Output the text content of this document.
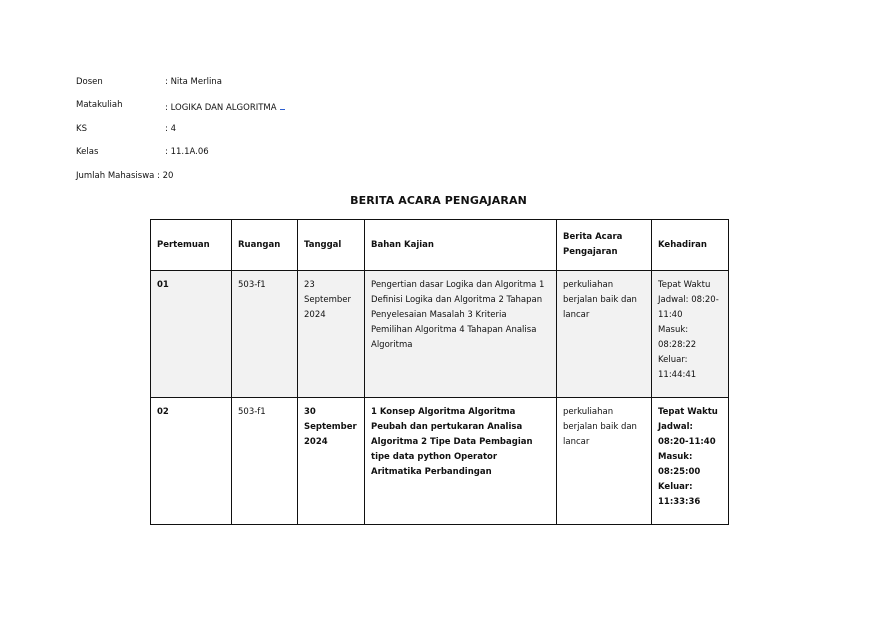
Dosen	: Nita Merlina
Matakuliah	: LOGIKA DAN ALGORITMA
KS	: 4
Kelas	: 11.1A.06
Jumlah Mahasiswa : 20
BERITA ACARA PENGAJARAN
Pertemuan	Ruangan	Tanggal	Bahan Kajian	Berita Acara Pengajaran	Kehadiran
01	503-f1	23 September 2024	Pengertian dasar Logika dan Algoritma 1 Definisi Logika dan Algoritma 2 Tahapan Penyelesaian Masalah 3 Kriteria Pemilihan Algoritma 4 Tahapan Analisa Algoritma	perkuliahan berjalan baik dan lancar	Tepat Waktu
Jadwal: 08:20-11:40
Masuk: 08:28:22
Keluar: 11:44:41

02	503-f1	30 September 2024	1 Konsep Algoritma Algoritma Peubah dan pertukaran Analisa Algoritma 2 Tipe Data Pembagian tipe data python Operator Aritmatika Perbandingan	perkuliahan berjalan baik dan lancar	Tepat Waktu
Jadwal: 08:20-11:40
Masuk: 08:25:00
Keluar: 11:33:36
